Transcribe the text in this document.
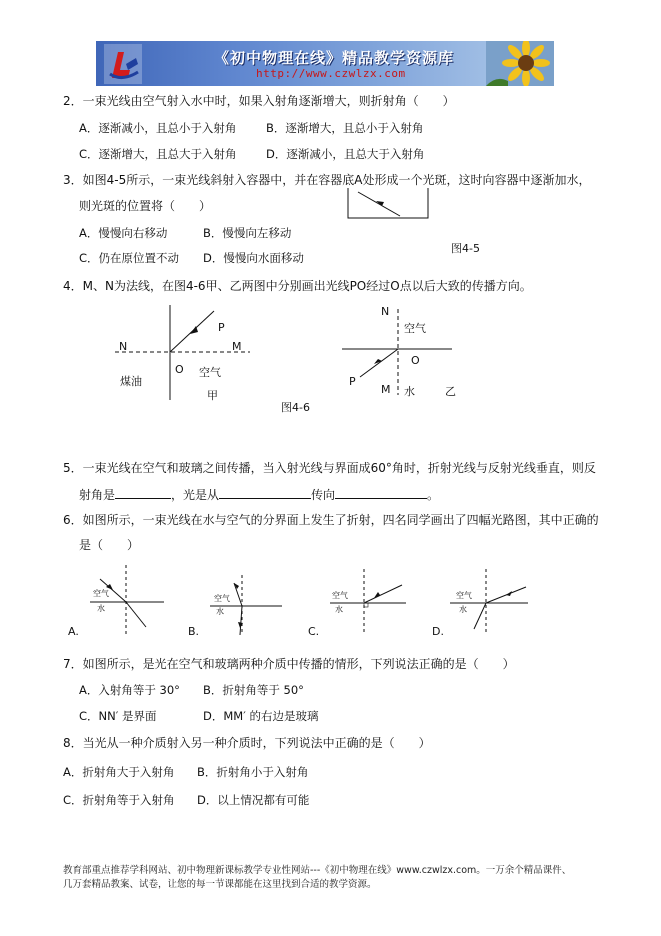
《初中物理在线》精品教学资源库
http://www.czwlzx.com
2．一束光线由空气射入水中时，如果入射角逐渐增大，则折射角（　　）
A．逐渐减小，且总小于入射角	B．逐渐增大，且总小于入射角
C．逐渐增大，且总大于入射角	D．逐渐减小，且总大于入射角
3．如图4-5所示，一束光线斜射入容器中，并在容器底A处形成一个光斑，这时向容器中逐渐加水，
则光斑的位置将（　　）
A．慢慢向右移动	B．慢慢向左移动
C．仍在原位置不动 D．慢慢向水面移动
图4-5
4．M、N为法线，在图4-6甲、乙两图中分别画出光线PO经过O点以后大致的传播方向。
N	M
P
O
煤油
空气
甲
图4-6
N
空气
O
P
M 水	乙
5．一束光线在空气和玻璃之间传播，当入射光线与界面成60°角时，折射光线与反射光线垂直，则反
射角是	，光是从	传向	。
6．如图所示，一束光线在水与空气的分界面上发生了折射，四名同学画出了四幅光路图，其中正确的
是（　　）
空气
水
A.
空气
水
B.
空气
水
C.
空气
水
D.
7．如图所示，是光在空气和玻璃两种介质中传播的情形，下列说法正确的是（　　）
A．入射角等于 30° B．折射角等于 50°
C．NN′ 是界面	D．MM′ 的右边是玻璃
8．当光从一种介质射入另一种介质时，下列说法中正确的是（　　）
A．折射角大于入射角 B．折射角小于入射角
C．折射角等于入射角 D．以上情况都有可能
教育部重点推荐学科网站、初中物理新课标教学专业性网站---《初中物理在线》www.czwlzx.com。一万余个精品课件、
几万套精品教案、试卷，让您的每一节课都能在这里找到合适的教学资源。
